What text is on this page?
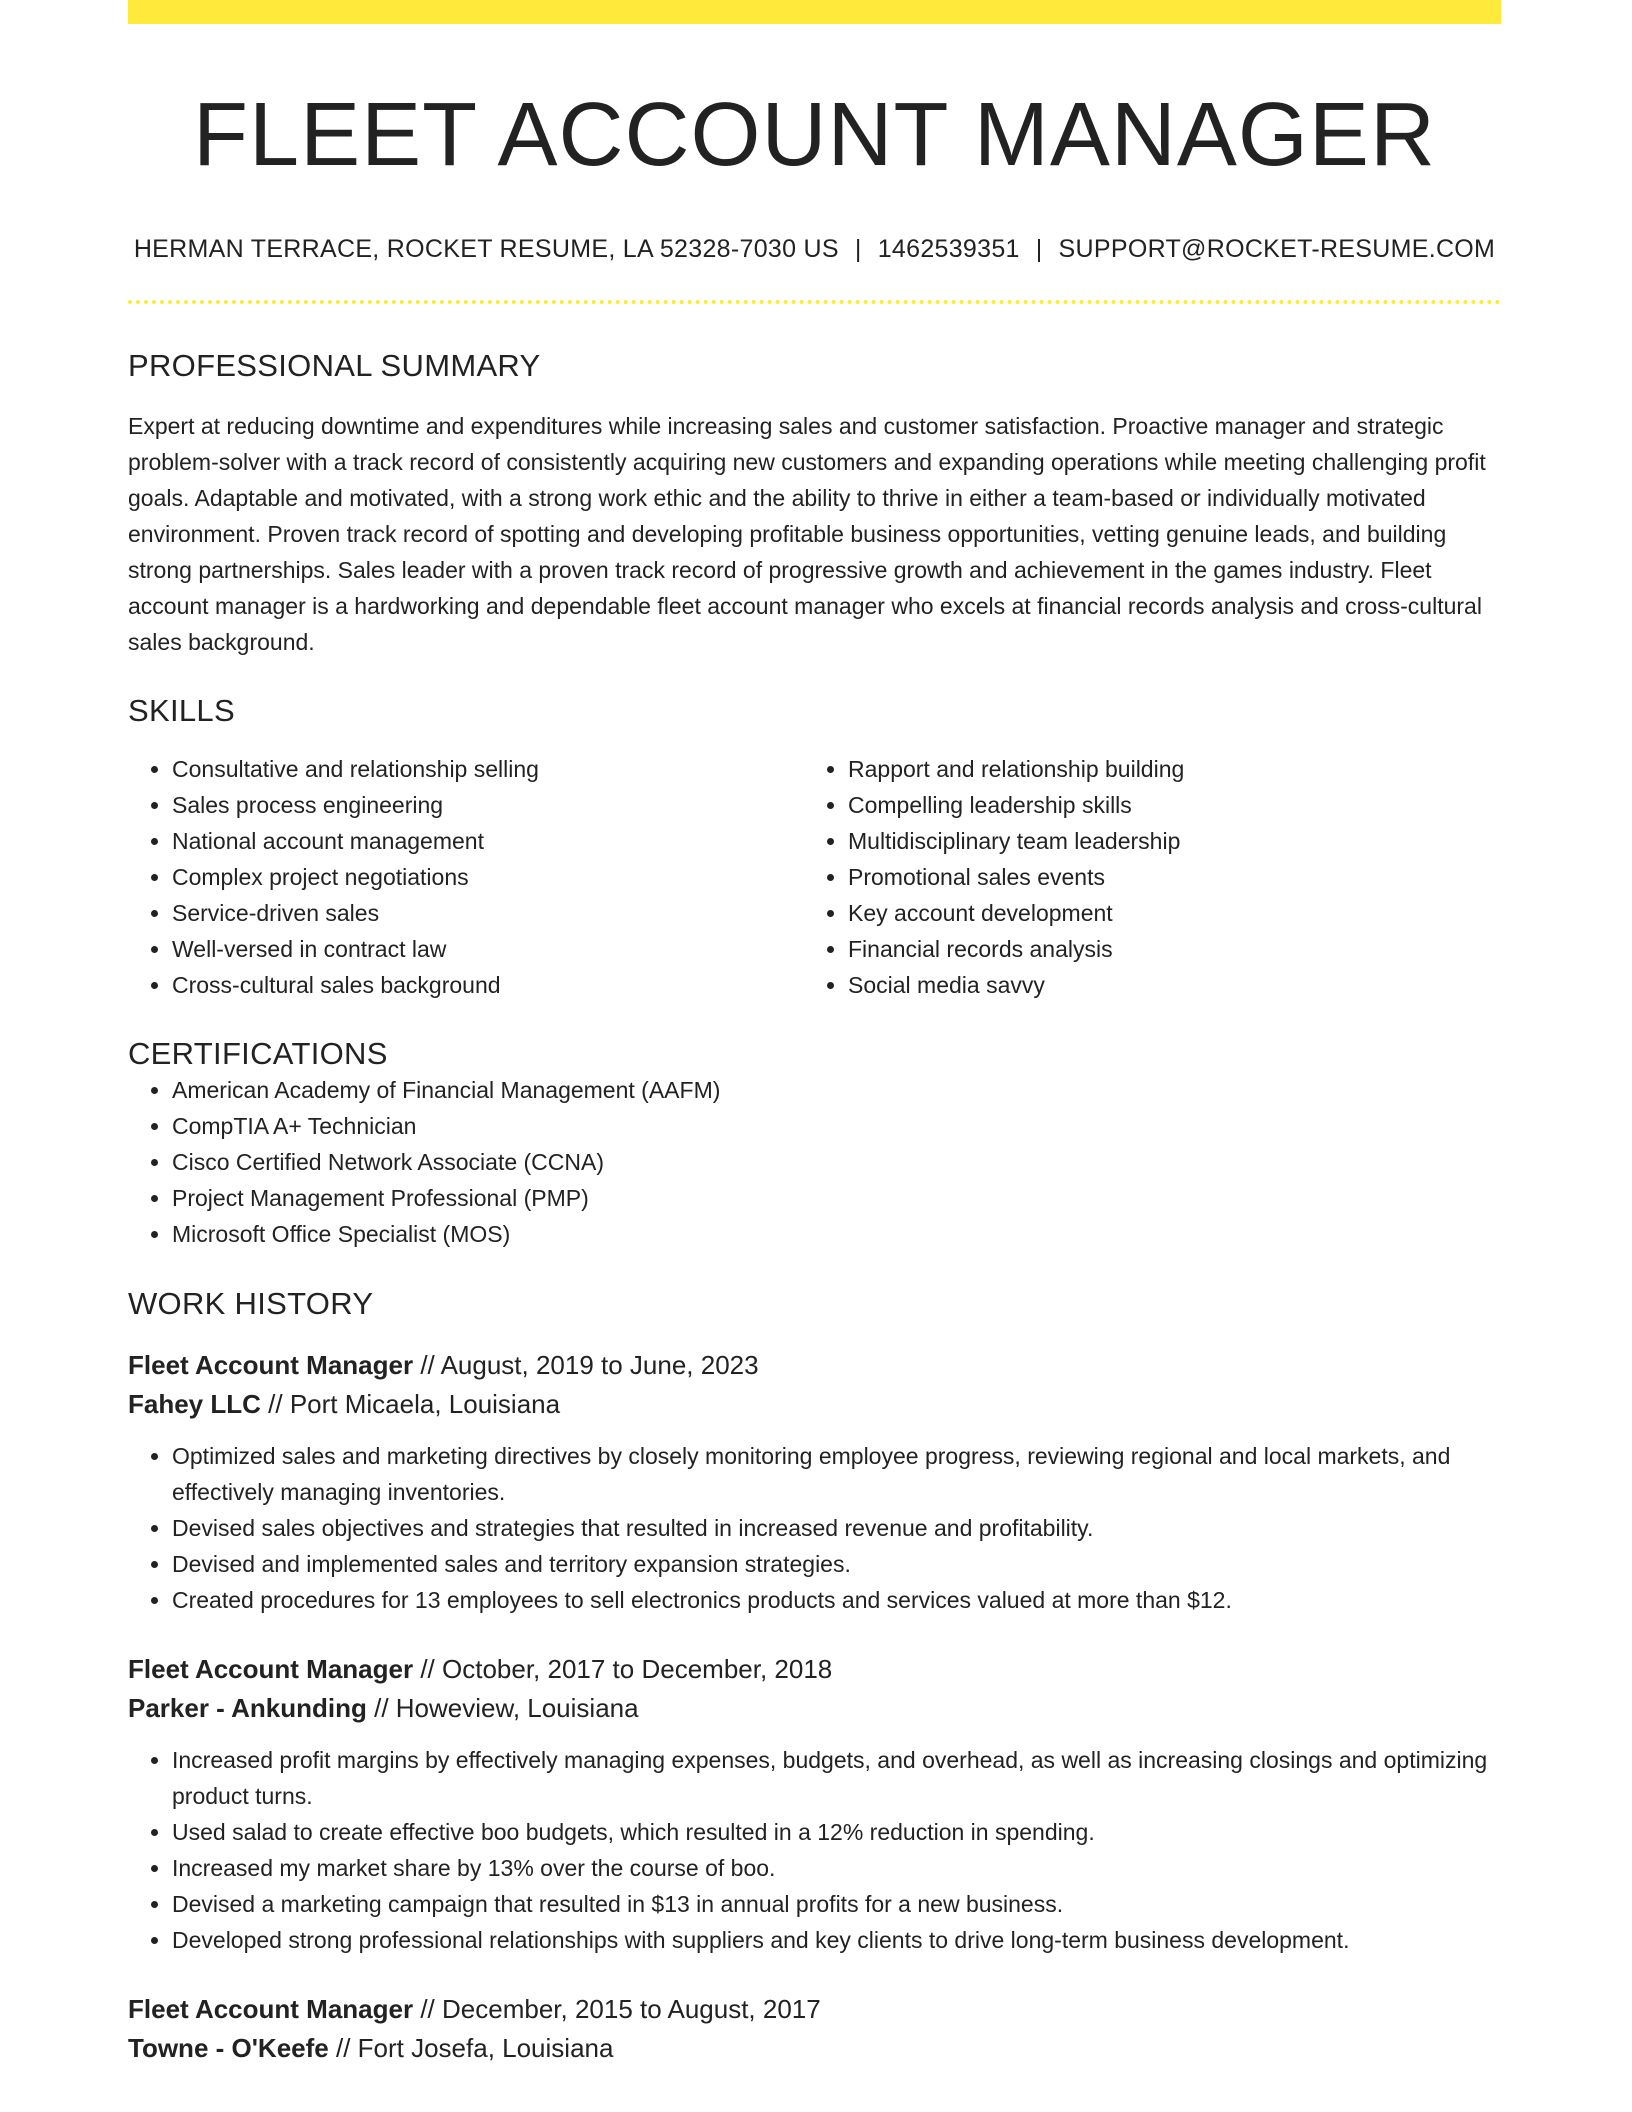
FLEET ACCOUNT MANAGER
HERMAN TERRACE, ROCKET RESUME, LA 52328-7030 US | 1462539351 | SUPPORT@ROCKET-RESUME.COM
PROFESSIONAL SUMMARY
Expert at reducing downtime and expenditures while increasing sales and customer satisfaction. Proactive manager and strategic problem-solver with a track record of consistently acquiring new customers and expanding operations while meeting challenging profit goals. Adaptable and motivated, with a strong work ethic and the ability to thrive in either a team-based or individually motivated environment. Proven track record of spotting and developing profitable business opportunities, vetting genuine leads, and building strong partnerships. Sales leader with a proven track record of progressive growth and achievement in the games industry. Fleet account manager is a hardworking and dependable fleet account manager who excels at financial records analysis and cross-cultural sales background.
SKILLS
• Consultative and relationship selling
• Sales process engineering
• National account management
• Complex project negotiations
• Service-driven sales
• Well-versed in contract law
• Cross-cultural sales background
• Rapport and relationship building
• Compelling leadership skills
• Multidisciplinary team leadership
• Promotional sales events
• Key account development
• Financial records analysis
• Social media savvy
CERTIFICATIONS
• American Academy of Financial Management (AAFM)
• CompTIA A+ Technician
• Cisco Certified Network Associate (CCNA)
• Project Management Professional (PMP)
• Microsoft Office Specialist (MOS)
WORK HISTORY
Fleet Account Manager // August, 2019 to June, 2023
Fahey LLC // Port Micaela, Louisiana
• Optimized sales and marketing directives by closely monitoring employee progress, reviewing regional and local markets, and effectively managing inventories.
• Devised sales objectives and strategies that resulted in increased revenue and profitability.
• Devised and implemented sales and territory expansion strategies.
• Created procedures for 13 employees to sell electronics products and services valued at more than $12.
Fleet Account Manager // October, 2017 to December, 2018
Parker - Ankunding // Howeview, Louisiana
• Increased profit margins by effectively managing expenses, budgets, and overhead, as well as increasing closings and optimizing product turns.
• Used salad to create effective boo budgets, which resulted in a 12% reduction in spending.
• Increased my market share by 13% over the course of boo.
• Devised a marketing campaign that resulted in $13 in annual profits for a new business.
• Developed strong professional relationships with suppliers and key clients to drive long-term business development.
Fleet Account Manager // December, 2015 to August, 2017
Towne - O'Keefe // Fort Josefa, Louisiana
